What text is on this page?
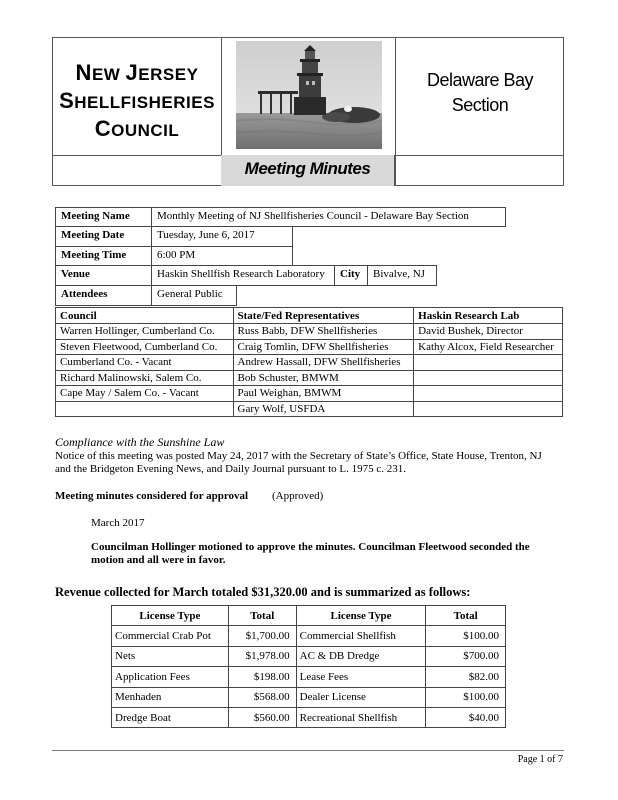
NEW JERSEY
SHELLFISHERIES
COUNCIL
Delaware Bay
Section
Meeting Minutes
Meeting Name	Monthly Meeting of NJ Shellfisheries Council - Delaware Bay Section
Meeting Date	Tuesday, June 6, 2017
Meeting Time	6:00 PM
Venue	Haskin Shellfish Research Laboratory	City	Bivalve, NJ
Attendees	General Public
Council	State/Fed Representatives	Haskin Research Lab
Warren Hollinger, Cumberland Co.	Russ Babb, DFW Shellfisheries	David Bushek, Director
Steven Fleetwood, Cumberland Co.	Craig Tomlin, DFW Shellfisheries	Kathy Alcox, Field Researcher
Cumberland Co. - Vacant	Andrew Hassall, DFW Shellfisheries	
Richard Malinowski, Salem Co.	Bob Schuster, BMWM	
Cape May / Salem Co. - Vacant	Paul Weighan, BMWM	
	Gary Wolf, USFDA	
Compliance with the Sunshine Law
Notice of this meeting was posted May 24, 2017 with the Secretary of State’s Office, State House, Trenton, NJ
and the Bridgeton Evening News, and Daily Journal pursuant to L. 1975 c. 231.
Meeting minutes considered for approval (Approved)
March 2017
Councilman Hollinger motioned to approve the minutes. Councilman Fleetwood seconded the
motion and all were in favor.
Revenue collected for March totaled $31,320.00 and is summarized as follows:
License Type	Total	License Type	Total
Commercial Crab Pot	$1,700.00	Commercial Shellfish	$100.00
Nets	$1,978.00	AC & DB Dredge	$700.00
Application Fees	$198.00	Lease Fees	$82.00
Menhaden	$568.00	Dealer License	$100.00
Dredge Boat	$560.00	Recreational Shellfish	$40.00
Page 1 of 7
